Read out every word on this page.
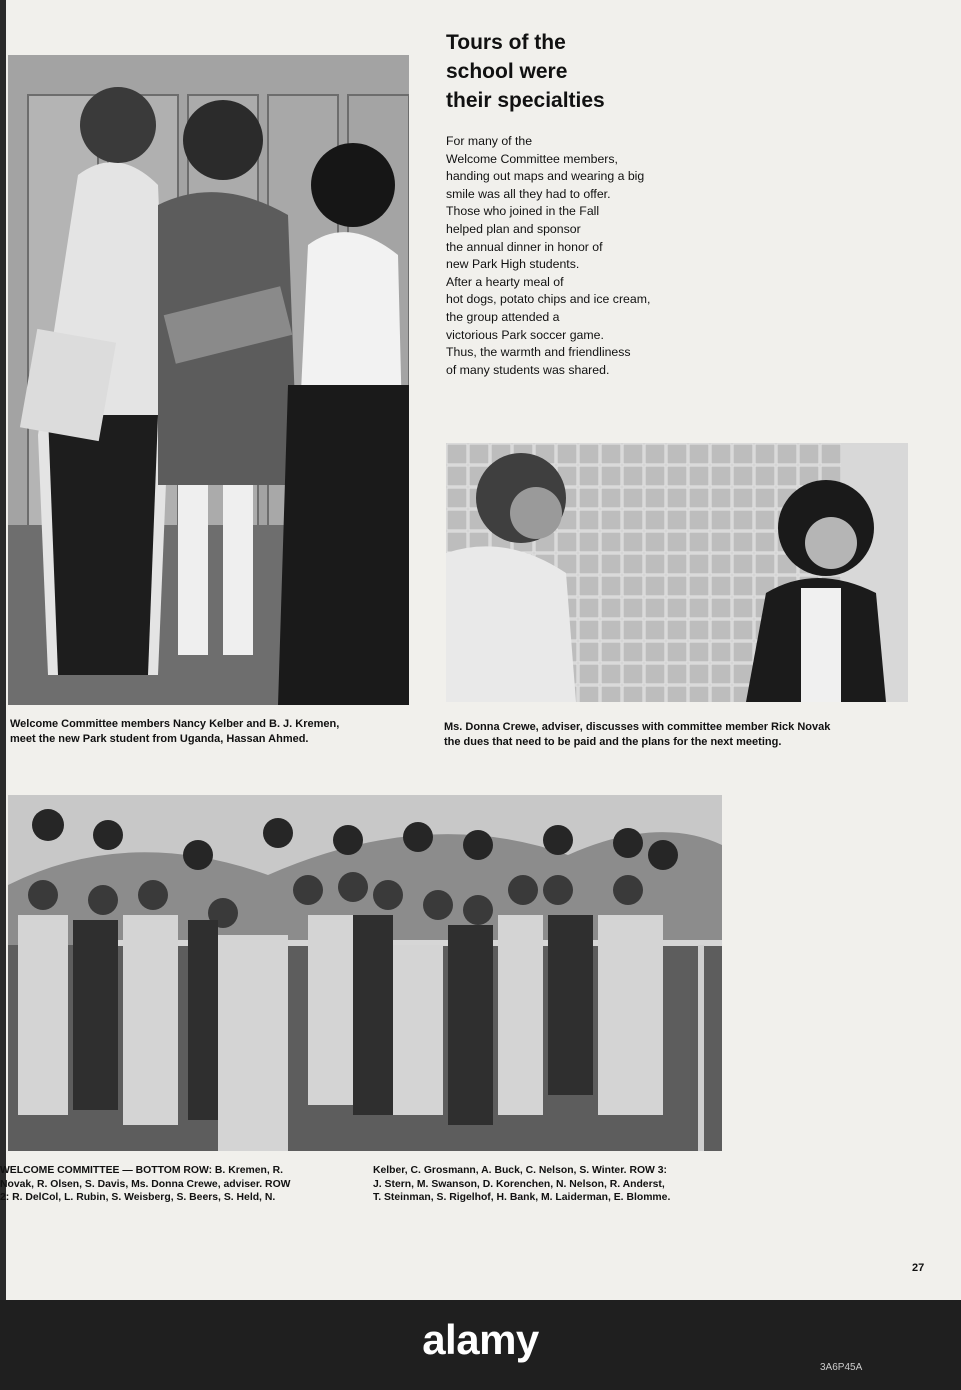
Tours of the
school were
their specialties
For many of the
Welcome Committee members,
handing out maps and wearing a big
smile was all they had to offer.
Those who joined in the Fall
helped plan and sponsor
the annual dinner in honor of
new Park High students.
After a hearty meal of
hot dogs, potato chips and ice cream,
the group attended a
victorious Park soccer game.
Thus, the warmth and friendliness
of many students was shared.
Welcome Committee members Nancy Kelber and B. J. Kremen,
meet the new Park student from Uganda, Hassan Ahmed.
Ms. Donna Crewe, adviser, discusses with committee member Rick Novak
the dues that need to be paid and the plans for the next meeting.
WELCOME COMMITTEE — BOTTOM ROW: B. Kremen, R.
Novak, R. Olsen, S. Davis, Ms. Donna Crewe, adviser. ROW
2: R. DelCol, L. Rubin, S. Weisberg, S. Beers, S. Held, N.
Kelber, C. Grosmann, A. Buck, C. Nelson, S. Winter. ROW 3:
J. Stern, M. Swanson, D. Korenchen, N. Nelson, R. Anderst,
T. Steinman, S. Rigelhof, H. Bank, M. Laiderman, E. Blomme.
27
alamy
3A6P45A
